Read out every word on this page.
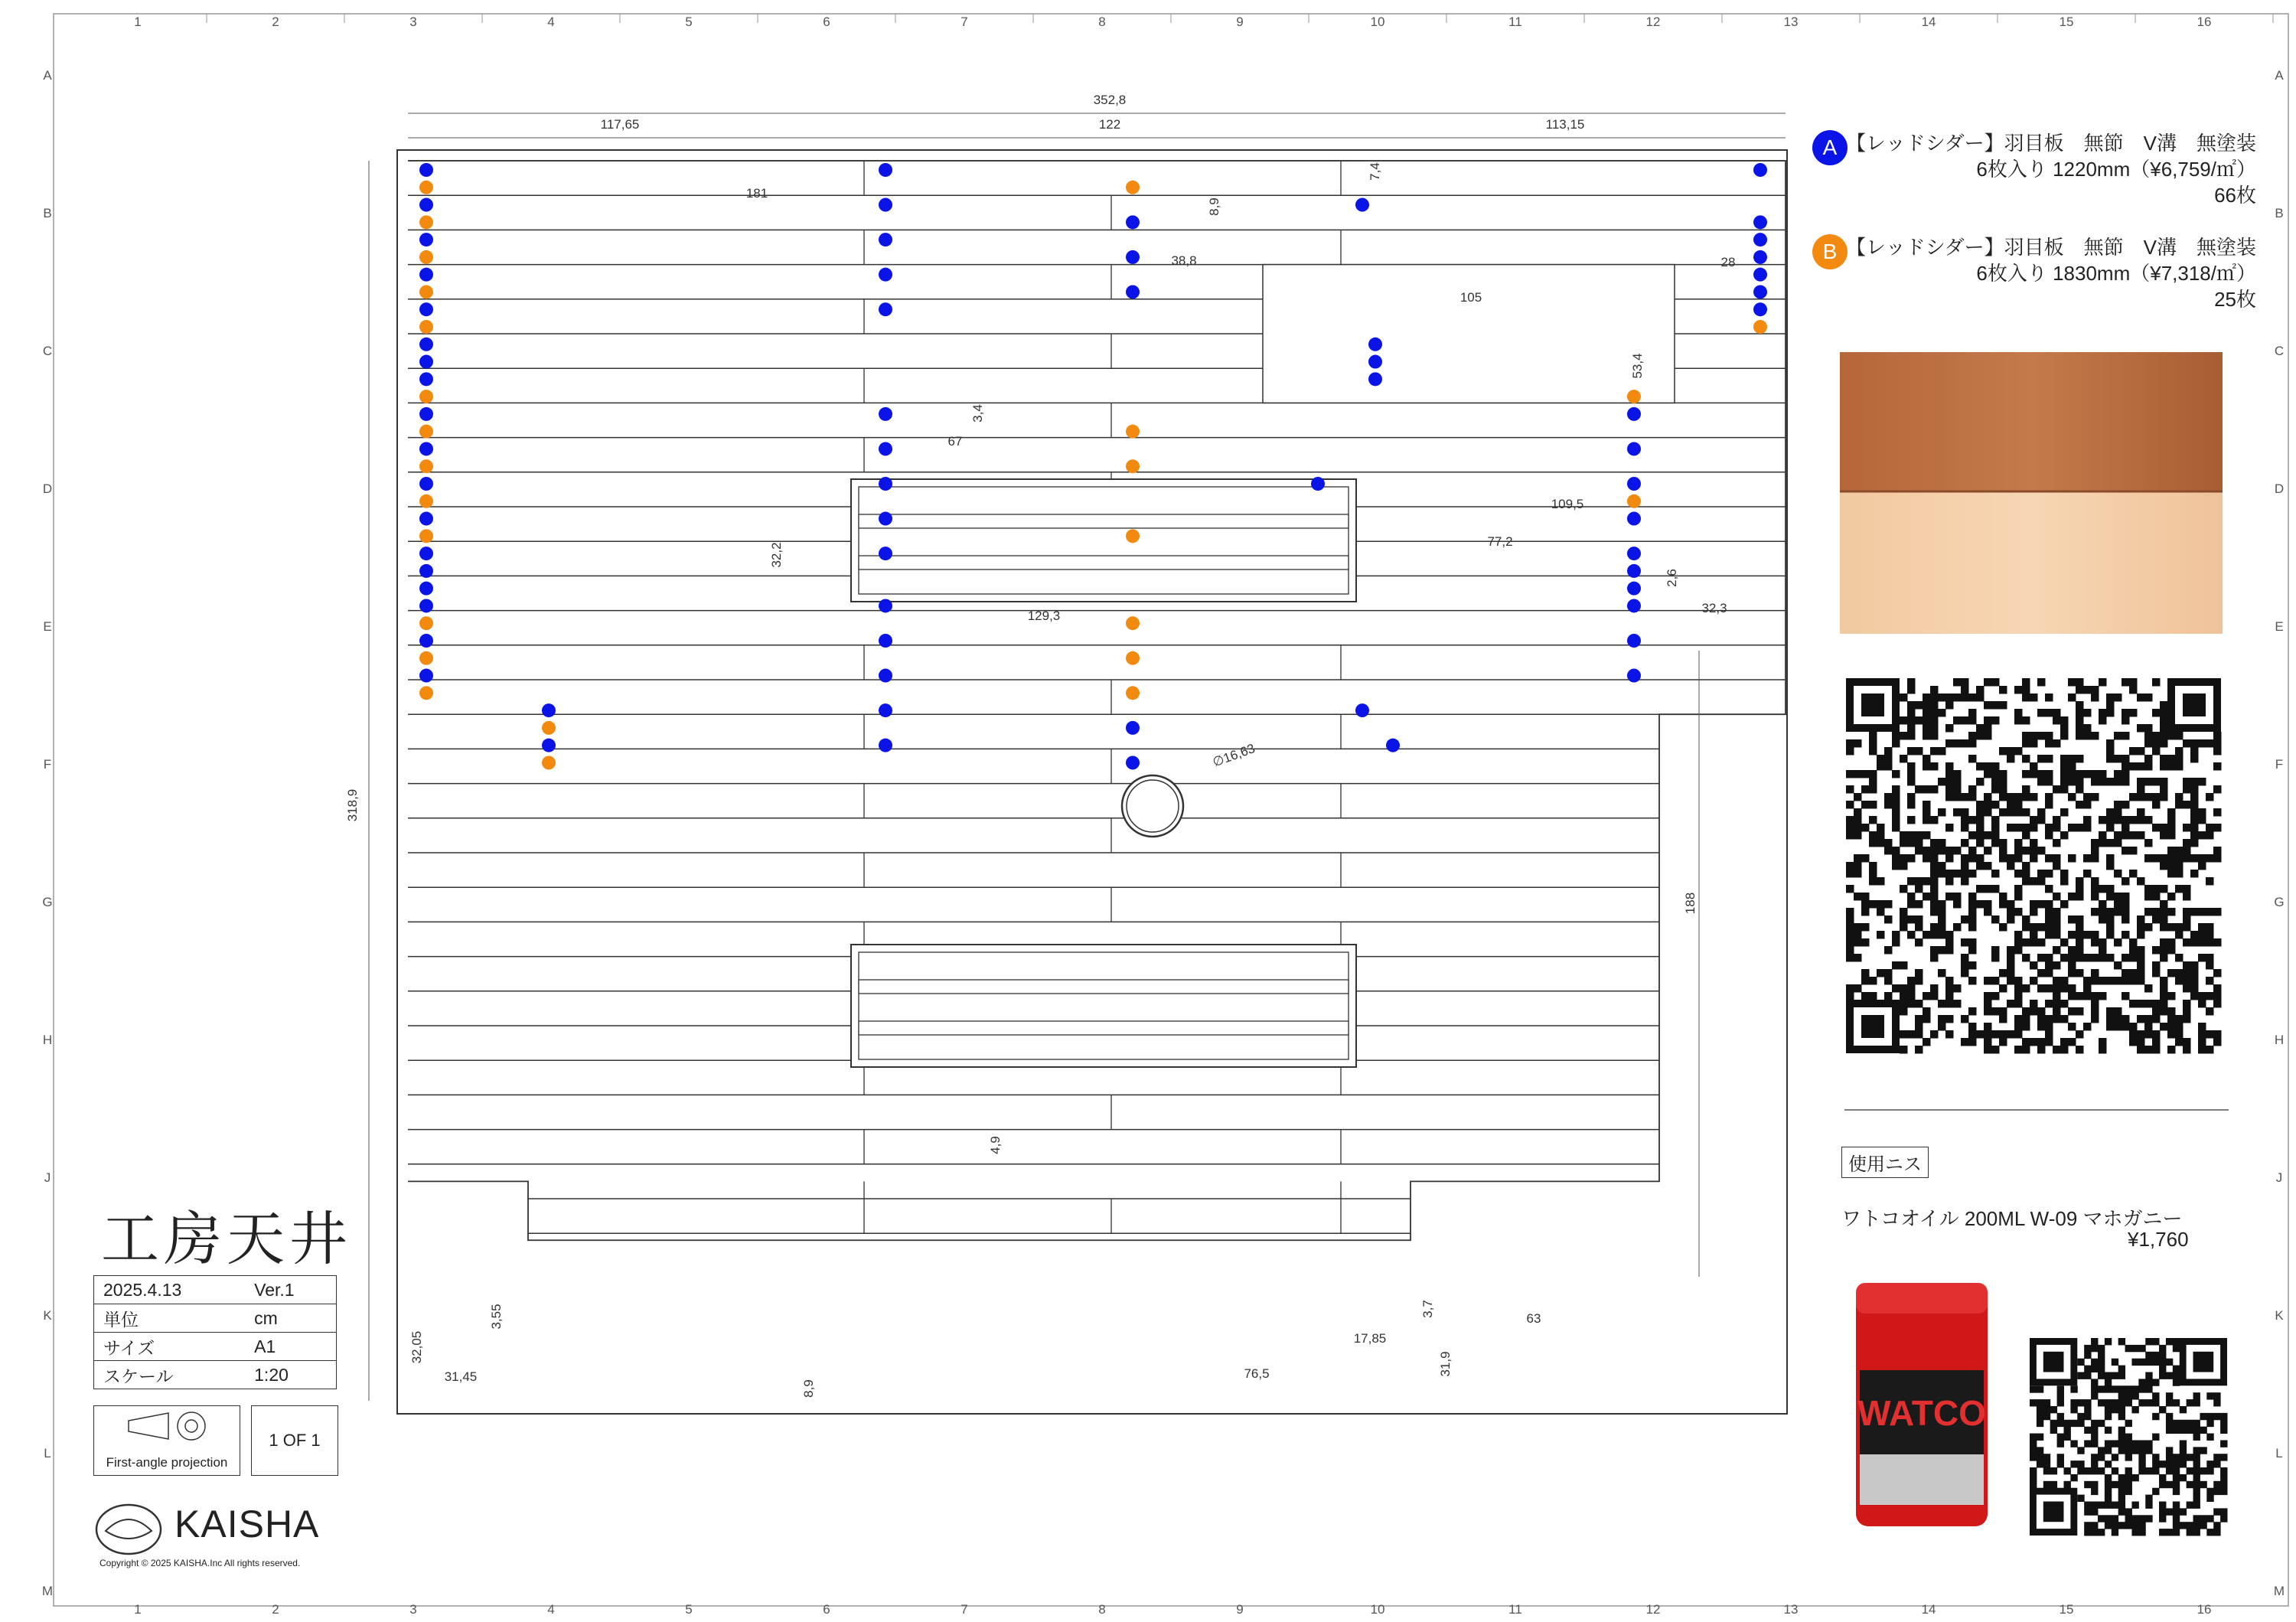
1
1
2
2
3
3
4
4
5
5
6
6
7
7
8
8
9
9
10
10
11
11
12
12
13
13
14
14
15
15
16
16
A	A
B	B
C	C
D	D
E	E
F	F
G	G
H	H
J	J
K	K
L	L
M	M
352,8
117,65	122	113,15
7,4
181
8,9
38,8	28
105
53,4
3,4
67
109,5
77,2
32,2
2,6
32,3
129,3
∅16,63
318,9
188
4,9
3,55
32,05
31,45
8,9
3,7
63
17,85
76,5	31,9
WATCO
A 【レッドシダー】羽目板　無節　V溝　無塗装
6枚入り 1220mm（¥6,759/㎡）
66枚
B 【レッドシダー】羽目板　無節　V溝　無塗装
6枚入り 1830mm（¥7,318/㎡）
25枚
使用ニス
ワトコオイル 200ML W-09 マホガニー
¥1,760
工房天井
2025.4.13	Ver.1
単位	cm
サイズ	A1
スケール	1:20
First-angle projection
1 OF 1
KAISHA
Copyright © 2025 KAISHA.Inc All rights reserved.
